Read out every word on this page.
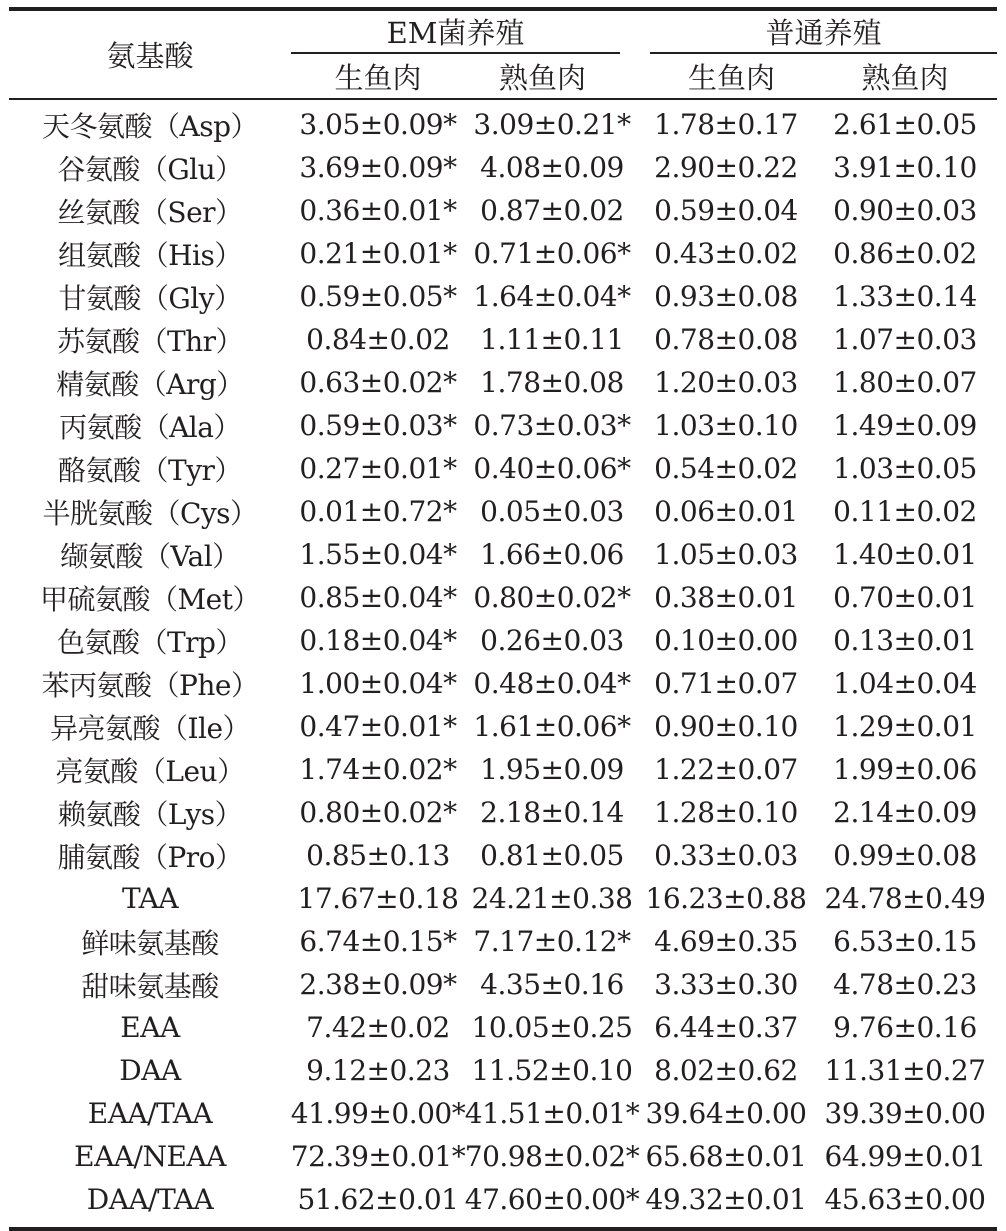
氨基酸
EM菌养殖
生鱼肉	熟鱼肉
普通养殖
生鱼肉	熟鱼肉
天冬氨酸（Asp）	3.05±0.09* 3.09±0.21* 1.78±0.17	2.61±0.05
谷氨酸（Glu）	3.69±0.09* 4.08±0.09	2.90±0.22	3.91±0.10
丝氨酸（Ser）	0.36±0.01* 0.87±0.02	0.59±0.04	0.90±0.03
组氨酸（His）	0.21±0.01* 0.71±0.06* 0.43±0.02	0.86±0.02
甘氨酸（Gly）	0.59±0.05* 1.64±0.04* 0.93±0.08	1.33±0.14
苏氨酸（Thr）	0.84±0.02	1.11±0.11	0.78±0.08	1.07±0.03
精氨酸（Arg）	0.63±0.02* 1.78±0.08	1.20±0.03	1.80±0.07
丙氨酸（Ala）	0.59±0.03* 0.73±0.03* 1.03±0.10	1.49±0.09
酪氨酸（Tyr）	0.27±0.01* 0.40±0.06* 0.54±0.02	1.03±0.05
半胱氨酸（Cys）	0.01±0.72* 0.05±0.03	0.06±0.01	0.11±0.02
缬氨酸（Val）	1.55±0.04* 1.66±0.06	1.05±0.03	1.40±0.01
甲硫氨酸（Met）	0.85±0.04* 0.80±0.02* 0.38±0.01	0.70±0.01
色氨酸（Trp）	0.18±0.04* 0.26±0.03	0.10±0.00	0.13±0.01
苯丙氨酸（Phe）	1.00±0.04* 0.48±0.04* 0.71±0.07	1.04±0.04
异亮氨酸（Ile）	0.47±0.01* 1.61±0.06* 0.90±0.10	1.29±0.01
亮氨酸（Leu）	1.74±0.02* 1.95±0.09	1.22±0.07	1.99±0.06
赖氨酸（Lys）	0.80±0.02* 2.18±0.14	1.28±0.10	2.14±0.09
脯氨酸（Pro）	0.85±0.13	0.81±0.05	0.33±0.03	0.99±0.08
TAA	17.67±0.18 24.21±0.38 16.23±0.88 24.78±0.49
鲜味氨基酸	6.74±0.15* 7.17±0.12* 4.69±0.35	6.53±0.15
甜味氨基酸	2.38±0.09* 4.35±0.16	3.33±0.30	4.78±0.23
EAA	7.42±0.02 10.05±0.25 6.44±0.37	9.76±0.16
DAA	9.12±0.23 11.52±0.10 8.02±0.62 11.31±0.27
EAA/TAA	41.99±0.00* 41.51±0.01* 39.64±0.00 39.39±0.00
EAA/NEAA	72.39±0.01* 70.98±0.02* 65.68±0.01 64.99±0.01
DAA/TAA	51.62±0.01 47.60±0.00* 49.32±0.01 45.63±0.00
